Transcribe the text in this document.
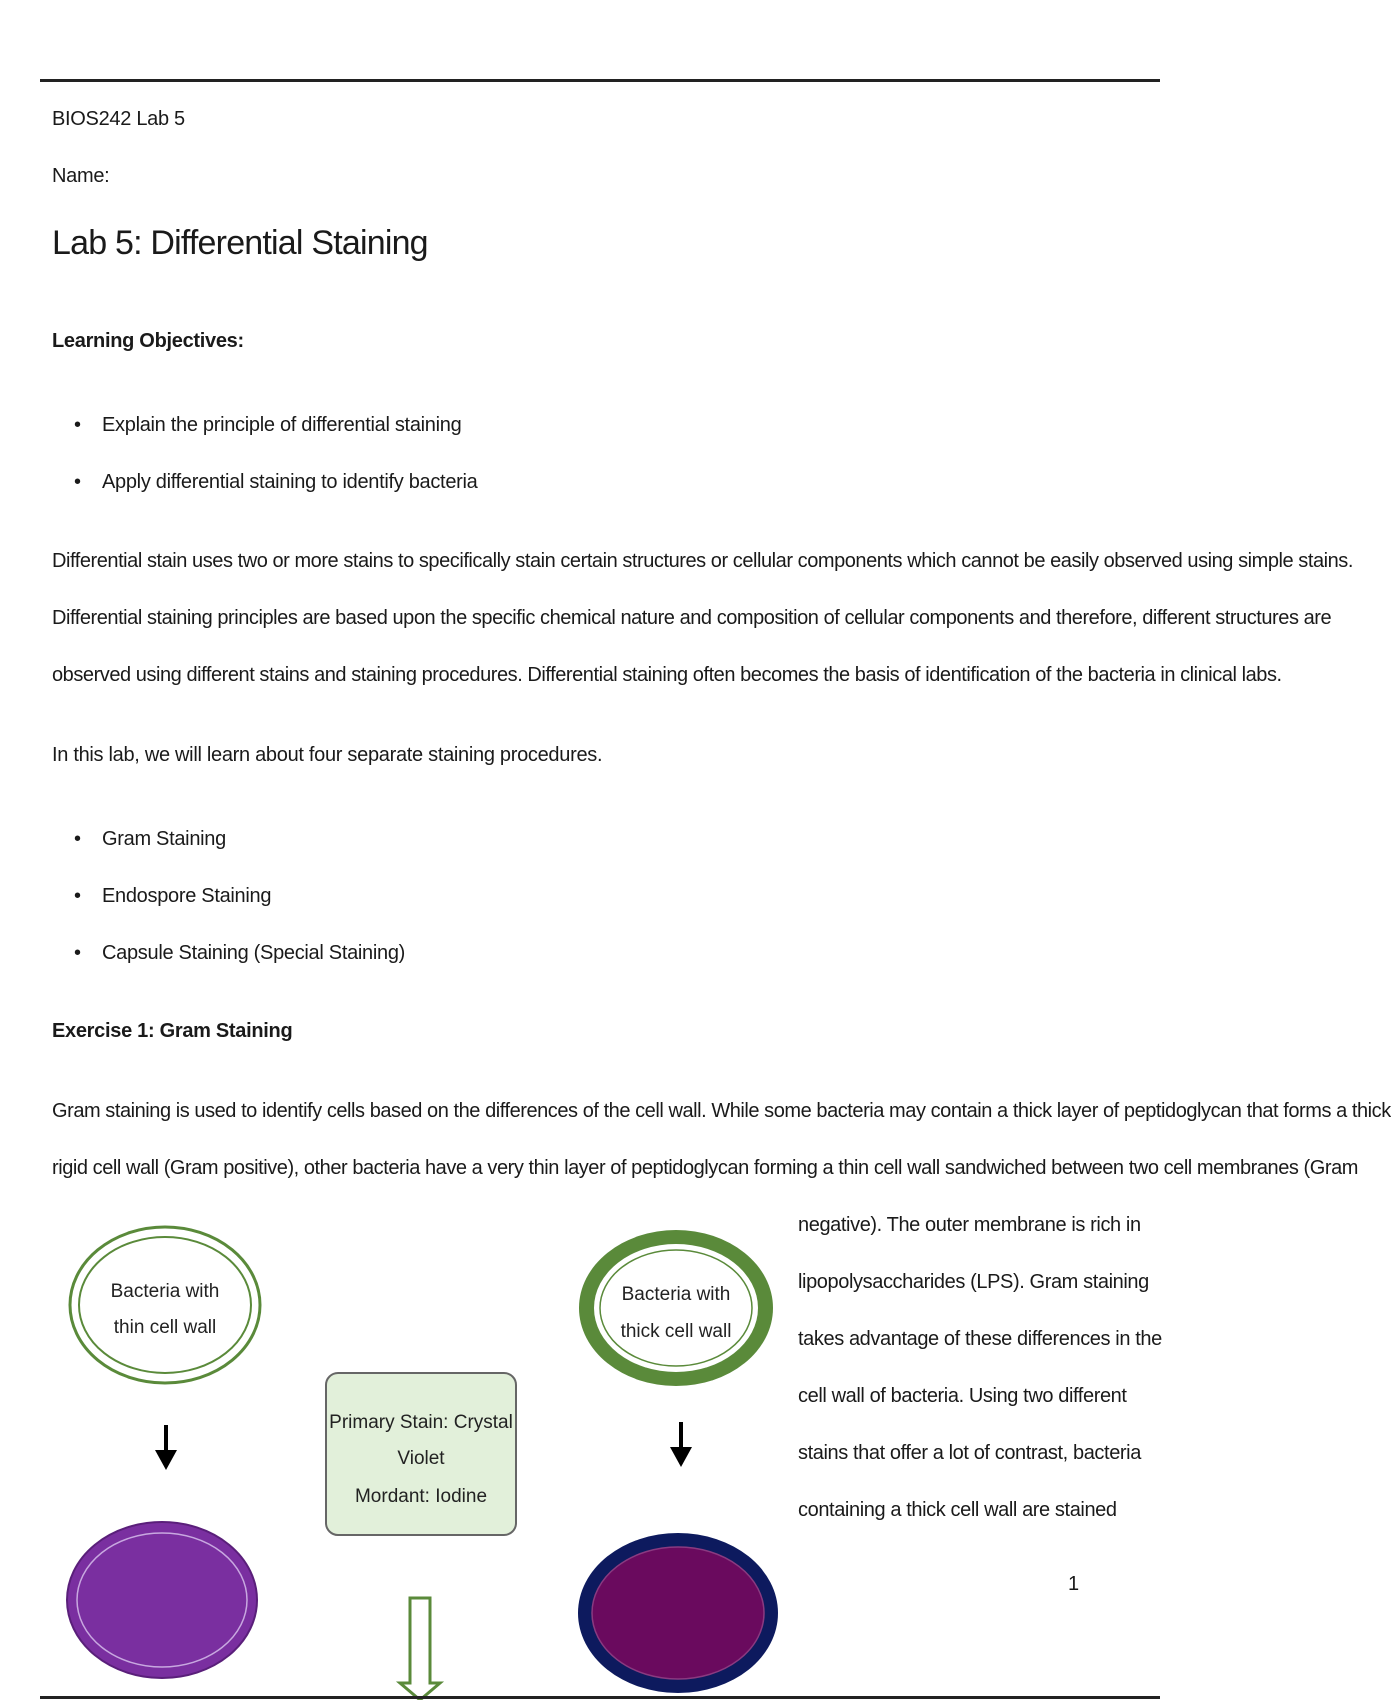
BIOS242 Lab 5
Name:
Lab 5: Differential Staining
Learning Objectives:
• Explain the principle of differential staining
• Apply differential staining to identify bacteria

Differential stain uses two or more stains to specifically stain certain structures or cellular components which cannot be easily observed using simple stains.

Differential staining principles are based upon the specific chemical nature and composition of cellular components and therefore, different structures are

observed using different stains and staining procedures. Differential staining often becomes the basis of identification of the bacteria in clinical labs.

In this lab, we will learn about four separate staining procedures.
• Gram Staining
• Endospore Staining
• Capsule Staining (Special Staining)
Exercise 1: Gram Staining

Gram staining is used to identify cells based on the differences of the cell wall. While some bacteria may contain a thick layer of peptidoglycan that forms a thick

rigid cell wall (Gram positive), other bacteria have a very thin layer of peptidoglycan forming a thin cell wall sandwiched between two cell membranes (Gram

negative). The outer membrane is rich in

lipopolysaccharides (LPS). Gram staining

takes advantage of these differences in the

cell wall of bacteria. Using two different

stains that offer a lot of contrast, bacteria

containing a thick cell wall are stained

Bacteria with
thin cell wall
Primary Stain: Crystal
Violet
Mordant: Iodine
Bacteria with
thick cell wall
1
